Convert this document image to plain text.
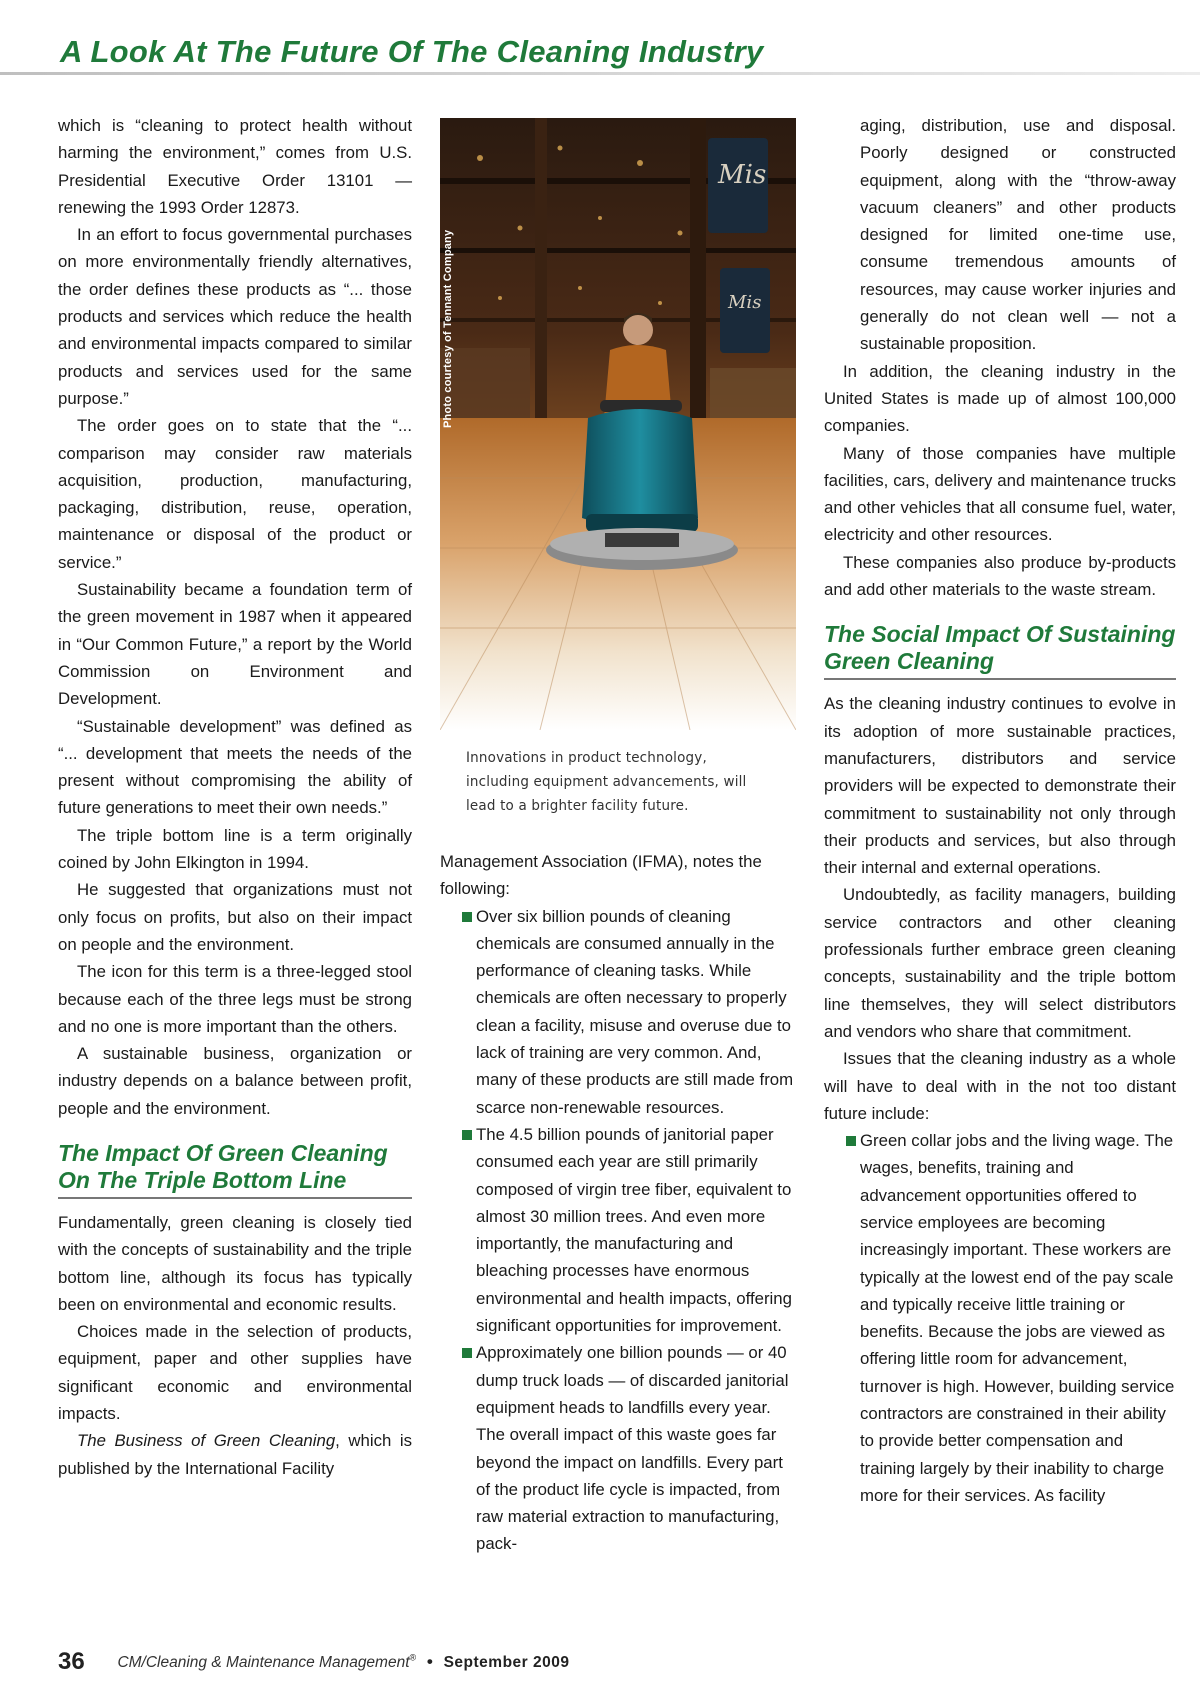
A Look At The Future Of The Cleaning Industry

which is “cleaning to protect health without harming the environment,” comes from U.S. Presidential Executive Order 13101 — renewing the 1993 Order 12873.

In an effort to focus governmental purchases on more environmentally friendly alternatives, the order defines these products as “... those products and services which reduce the health and environmental impacts compared to similar products and services used for the same purpose.”

The order goes on to state that the “... comparison may consider raw materials acquisition, production, manufacturing, packaging, distribution, reuse, operation, maintenance or disposal of the product or service.”

Sustainability became a foundation term of the green movement in 1987 when it appeared in “Our Common Future,” a report by the World Commission on Environment and Development.

“Sustainable development” was defined as “... development that meets the needs of the present without compromising the ability of future generations to meet their own needs.”

The triple bottom line is a term originally coined by John Elkington in 1994.

He suggested that organizations must not only focus on profits, but also on their impact on people and the environment.

The icon for this term is a three-legged stool because each of the three legs must be strong and no one is more important than the others.

A sustainable business, organization or industry depends on a balance between profit, people and the environment.

The Impact Of Green Cleaning On The Triple Bottom Line

Fundamentally, green cleaning is closely tied with the concepts of sustainability and the triple bottom line, although its focus has typically been on environmental and economic results.

Choices made in the selection of products, equipment, paper and other supplies have significant economic and environmental impacts.

The Business of Green Cleaning, which is published by the International Facility

Mis
Mis
Photo courtesy of Tennant Company
Innovations in product technology, including equipment advancements, will lead to a brighter facility future.

Management Association (IFMA), notes the following:

Over six billion pounds of cleaning chemicals are consumed annually in the performance of cleaning tasks. While chemicals are often necessary to properly clean a facility, misuse and overuse due to lack of training are very common. And, many of these products are still made from scarce non-renewable resources.
The 4.5 billion pounds of janitorial paper consumed each year are still primarily composed of virgin tree fiber, equivalent to almost 30 million trees. And even more importantly, the manufacturing and bleaching processes have enormous environmental and health impacts, offering significant opportunities for improvement.
Approximately one billion pounds — or 40 dump truck loads — of discarded janitorial equipment heads to landfills every year. The overall impact of this waste goes far beyond the impact on landfills. Every part of the product life cycle is impacted, from raw material extraction to manufacturing, pack-

aging, distribution, use and disposal. Poorly designed or constructed equipment, along with the “throw-away vacuum cleaners” and other products designed for limited one-time use, consume tremendous amounts of resources, may cause worker injuries and generally do not clean well — not a sustainable proposition.

In addition, the cleaning industry in the United States is made up of almost 100,000 companies.

Many of those companies have multiple facilities, cars, delivery and maintenance trucks and other vehicles that all consume fuel, water, electricity and other resources.

These companies also produce by-products and add other materials to the waste stream.

The Social Impact Of Sustaining Green Cleaning

As the cleaning industry continues to evolve in its adoption of more sustainable practices, manufacturers, distributors and service providers will be expected to demonstrate their commitment to sustainability not only through their products and services, but also through their internal and external operations.

Undoubtedly, as facility managers, building service contractors and other cleaning professionals further embrace green cleaning concepts, sustainability and the triple bottom line themselves, they will select distributors and vendors who share that commitment.

Issues that the cleaning industry as a whole will have to deal with in the not too distant future include:

Green collar jobs and the living wage. The wages, benefits, training and advancement opportunities offered to service employees are becoming increasingly important. These workers are typically at the lowest end of the pay scale and typically receive little training or benefits. Because the jobs are viewed as offering little room for advancement, turnover is high. However, building service contractors are constrained in their ability to provide better compensation and training largely by their inability to charge more for their services. As facility
36 CM/Cleaning & Maintenance Management® • September 2009
